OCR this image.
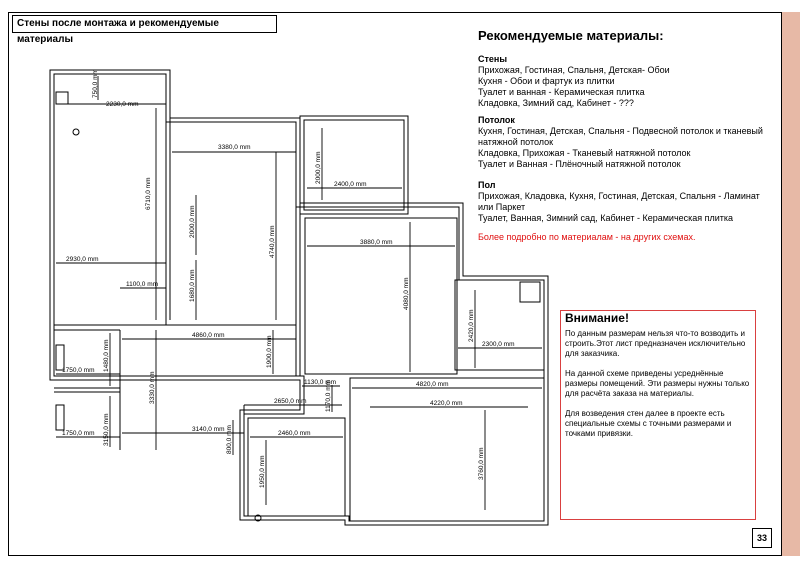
Стены после монтажа и рекомендуемые материалы
750,0 mm
2230,0 mm
6710,0 mm
2930,0 mm
1100,0 mm
3380,0 mm
2000,0 mm
4740,0 mm
1680,0 mm
2000,0 mm
2400,0 mm
3880,0 mm
4080,0 mm
2420,0 mm
2300,0 mm
4860,0 mm	1900,0 mm
1750,0 mm 1480,0 mm
3330,0 mm	1130,0 mm	4820,0 mm
2650,0 mm	1170,0 mm	4220,0 mm
1750,0 mm 3150,0 mm	3140,0 mm 800,0 mm	2460,0 mm
1950,0 mm	3760,0 mm
Рекомендуемые материалы:
Стены

Прихожая, Гостиная, Спальня, Детская- Обои

Кухня - Обои и фартук из плитки

Туалет и ванная - Керамическая плитка

Кладовка, Зимний сад, Кабинет - ???

Потолок

Кухня, Гостиная, Детская, Спальня - Подвесной потолок и тканевый натяжной потолок

Кладовка, Прихожая - Тканевый натяжной потолок

Туалет и Ванная - Плёночный натяжной потолок

Пол

Прихожая, Кладовка, Кухня, Гостиная, Детская, Спальня - Ламинат или Паркет

Туалет, Ванная, Зимний сад, Кабинет - Керамическая плитка

Более подробно по материалам - на других схемах.
Внимание!

По данным размерам нельзя что-то возводить и строить.Этот лист предназначен исключительно для заказчика.

На данной схеме приведены усреднённые размеры помещений. Эти размеры нужны только для расчёта заказа на материалы.

Для возведения стен далее в проекте есть специальные схемы с точными размерами и точками привязки.

33
